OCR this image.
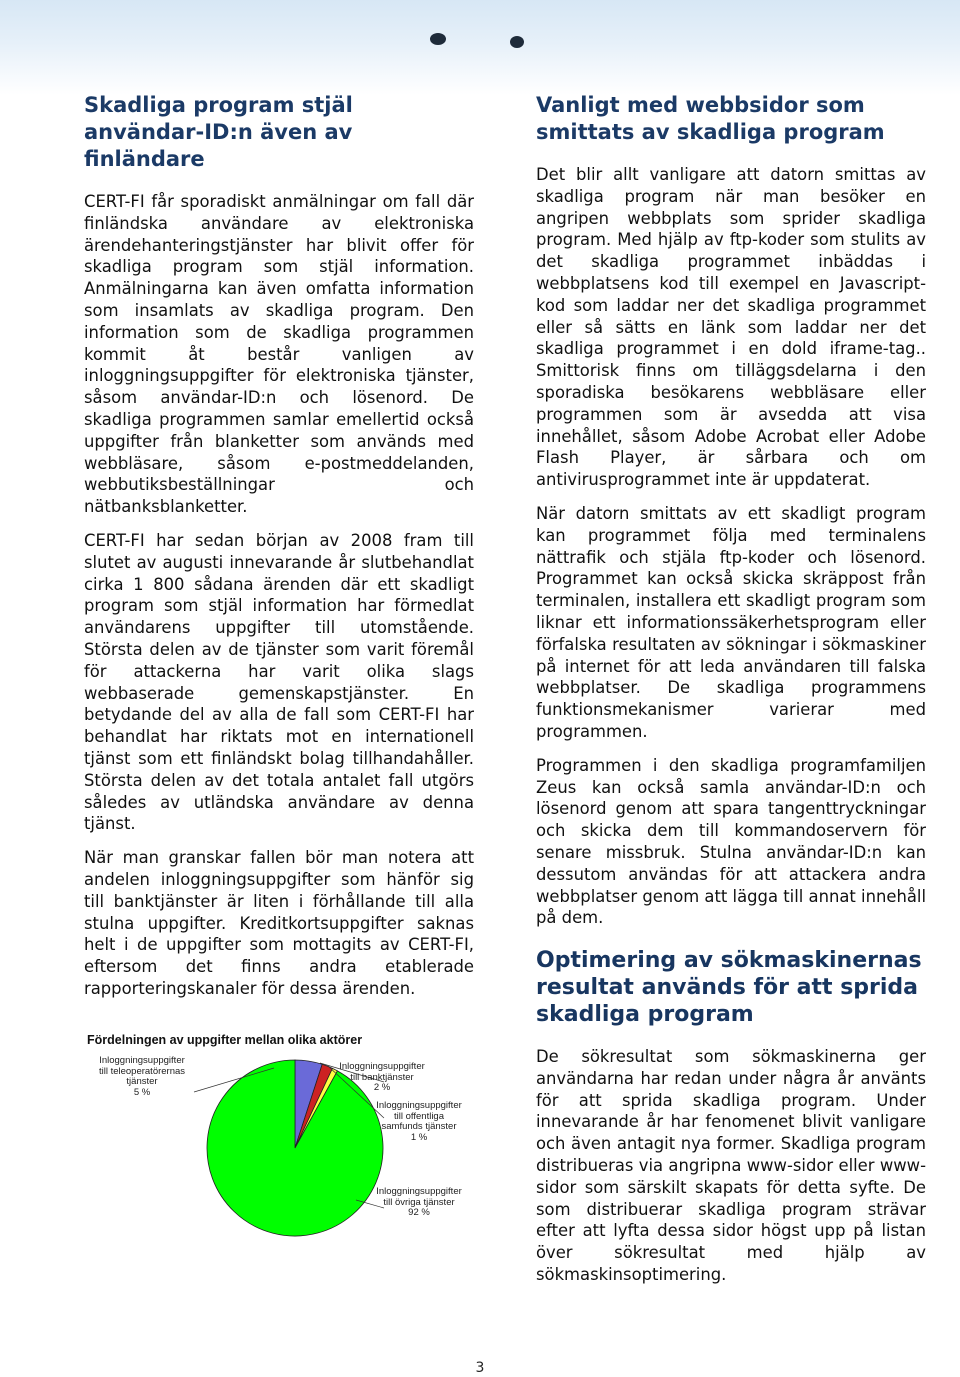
Skadliga program stjäl användar-ID:n även av finländare

CERT-FI får sporadiskt anmälningar om fall där finländska användare av elektroniska ärendehanteringstjänster har blivit offer för skadliga program som stjäl information. Anmälningarna kan även omfatta information som insamlats av skadliga program. Den information som de skadliga programmen kommit åt består vanligen av inloggningsuppgifter för elektroniska tjänster, såsom användar-ID:n och lösenord. De skadliga programmen samlar emellertid också uppgifter från blanketter som används med webbläsare, såsom e-postmeddelanden, webbutiksbeställningar och nätbanksblanketter.

CERT-FI har sedan början av 2008 fram till slutet av augusti innevarande år slutbehandlat cirka 1 800 sådana ärenden där ett skadligt program som stjäl information har förmedlat användarens uppgifter till utomstående. Största delen av de tjänster som varit föremål för attackerna har varit olika slags webbaserade gemenskapstjänster. En betydande del av alla de fall som CERT-FI har behandlat har riktats mot en internationell tjänst som ett finländskt bolag tillhandahåller. Största delen av det totala antalet fall utgörs således av utländska användare av denna tjänst.

När man granskar fallen bör man notera att andelen inloggningsuppgifter som hänför sig till banktjänster är liten i förhållande till alla stulna uppgifter. Kreditkortsuppgifter saknas helt i de uppgifter som mottagits av CERT-FI, eftersom det finns andra etablerade rapporteringskanaler för dessa ärenden.

Fördelningen av uppgifter mellan olika aktörer
Inloggningsuppgifter
till teleoperatörernas
tjänster
5 %
Inloggningsuppgifter
till banktjänster
2 %
Inloggningsuppgifter
till offentliga
samfunds tjänster
1 %
Inloggningsuppgifter
till övriga tjänster
92 %
Vanligt med webbsidor som smittats av skadliga program

Det blir allt vanligare att datorn smittas av skadliga program när man besöker en angripen webbplats som sprider skadliga program. Med hjälp av ftp-koder som stulits av det skadliga programmet inbäddas i webbplatsens kod till exempel en Javascript-kod som laddar ner det skadliga programmet eller så sätts en länk som laddar ner det skadliga programmet i en dold iframe-tag.. Smittorisk finns om tilläggsdelarna i den sporadiska besökarens webbläsare eller programmen som är avsedda att visa innehållet, såsom Adobe Acrobat eller Adobe Flash Player, är sårbara och om antivirusprogrammet inte är uppdaterat.

När datorn smittats av ett skadligt program kan programmet följa med terminalens nättrafik och stjäla ftp-koder och lösenord. Programmet kan också skicka skräppost från terminalen, installera ett skadligt program som liknar ett informationssäkerhetsprogram eller förfalska resultaten av sökningar i sökmaskiner på internet för att leda användaren till falska webbplatser. De skadliga programmens funktionsmekanismer varierar med programmen.

Programmen i den skadliga programfamiljen Zeus kan också samla användar-ID:n och lösenord genom att spara tangenttryckningar och skicka dem till kommandoservern för senare missbruk. Stulna användar-ID:n kan dessutom användas för att attackera andra webbplatser genom att lägga till annat innehåll på dem.

Optimering av sökmaskinernas resultat används för att sprida skadliga program

De sökresultat som sökmaskinerna ger användarna har redan under några år använts för att sprida skadliga program. Under innevarande år har fenomenet blivit vanligare och även antagit nya former. Skadliga program distribueras via angripna www-sidor eller www-sidor som särskilt skapats för detta syfte. De som distribuerar skadliga program strävar efter att lyfta dessa sidor högst upp på listan över sökresultat med hjälp av sökmaskinsoptimering.

3
